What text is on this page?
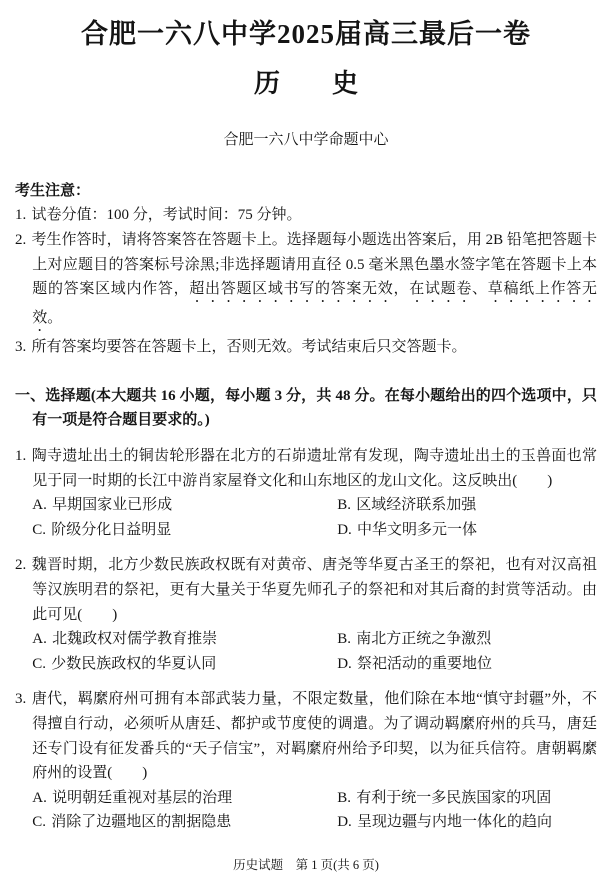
合肥一六八中学2025届高三最后一卷
历　　史
合肥一六八中学命题中心
考生注意：
1. 试卷分值：100 分，考试时间：75 分钟。
2. 考生作答时，请将答案答在答题卡上。选择题每小题选出答案后，用 2B 铅笔把答题卡上对应题目的答案标号涂黑;非选择题请用直径 0.5 毫米黑色墨水签字笔在答题卡上本题的答案区域内作答，超出答题区域书写的答案无效，在试题卷、草稿纸上作答无效。
3. 所有答案均要答在答题卡上，否则无效。考试结束后只交答题卡。
一、选择题(本大题共 16 小题，每小题 3 分，共 48 分。在每小题给出的四个选项中，只有一项是符合题目要求的。)
1. 陶寺遗址出土的铜齿轮形器在北方的石峁遗址常有发现，陶寺遗址出土的玉兽面也常见于同一时期的长江中游肖家屋脊文化和山东地区的龙山文化。这反映出(　　)
A. 早期国家业已形成	B. 区域经济联系加强
C. 阶级分化日益明显	D. 中华文明多元一体
2. 魏晋时期，北方少数民族政权既有对黄帝、唐尧等华夏古圣王的祭祀，也有对汉高祖等汉族明君的祭祀，更有大量关于华夏先师孔子的祭祀和对其后裔的封赏等活动。由此可见(　　)
A. 北魏政权对儒学教育推崇	B. 南北方正统之争激烈
C. 少数民族政权的华夏认同	D. 祭祀活动的重要地位
3. 唐代，羁縻府州可拥有本部武装力量，不限定数量，他们除在本地“慎守封疆”外，不得擅自行动，必须听从唐廷、都护或节度使的调遣。为了调动羁縻府州的兵马，唐廷还专门设有征发番兵的“天子信宝”，对羁縻府州给予印契，以为征兵信符。唐朝羁縻府州的设置(　　)
A. 说明朝廷重视对基层的治理	B. 有利于统一多民族国家的巩固
C. 消除了边疆地区的割据隐患	D. 呈现边疆与内地一体化的趋向
历史试题　第 1 页(共 6 页)
